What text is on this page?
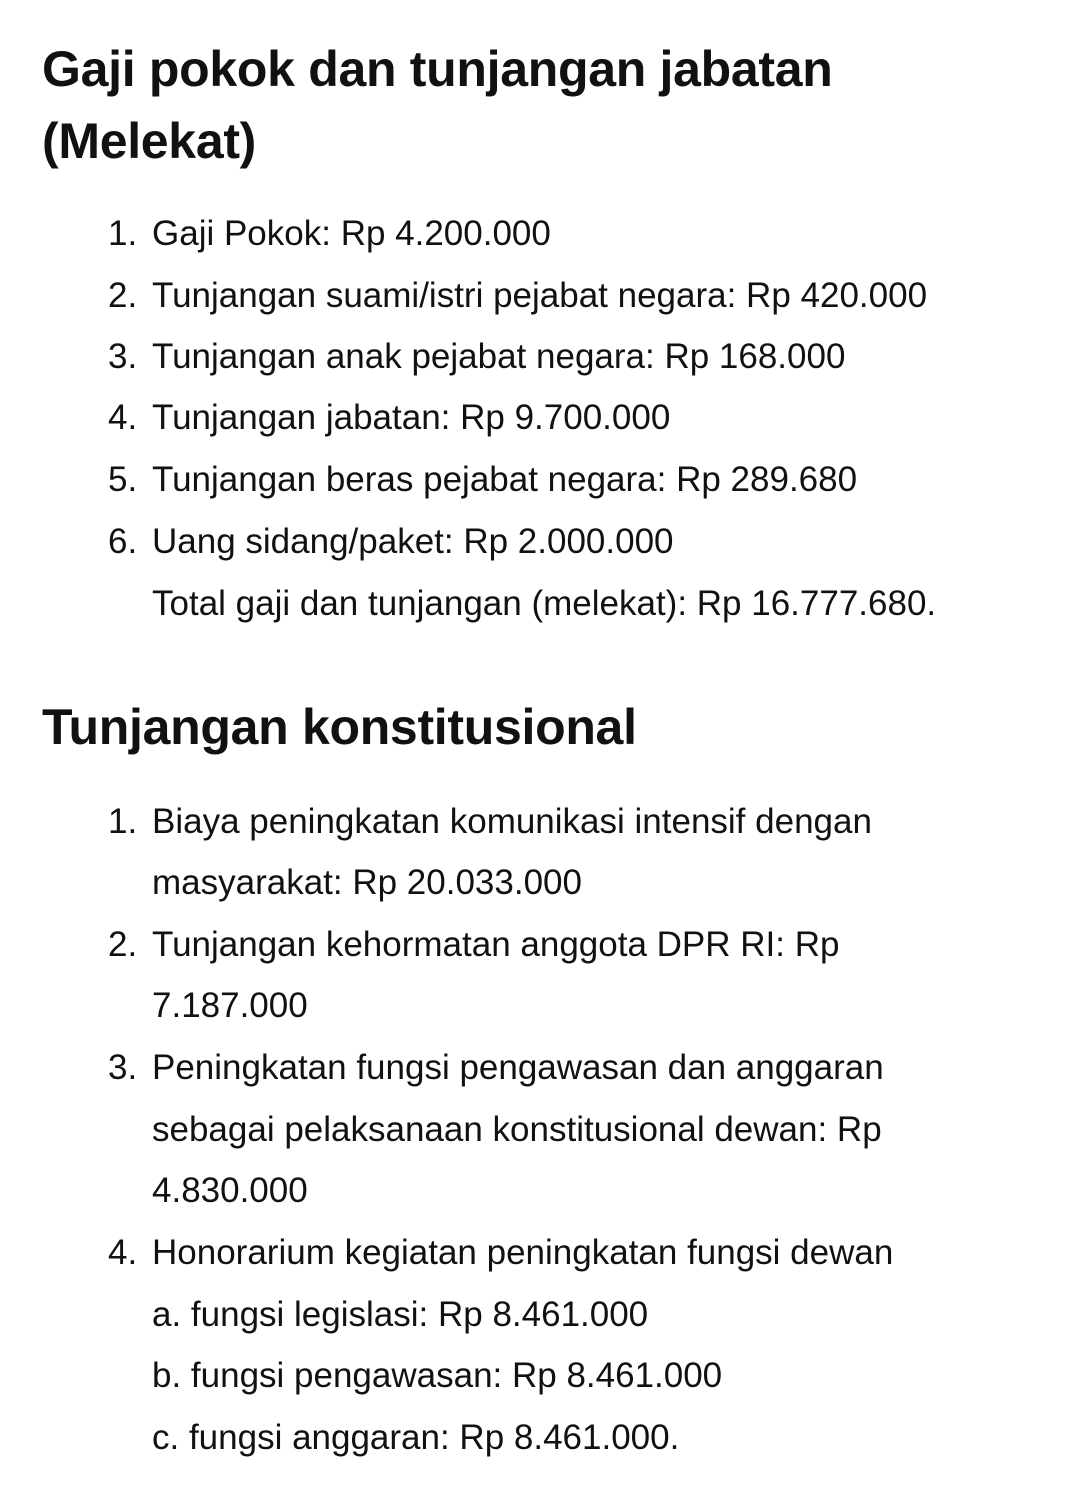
Gaji pokok dan tunjangan jabatan
(Melekat)
1. Gaji Pokok: Rp 4.200.000
2. Tunjangan suami/istri pejabat negara: Rp 420.000
3. Tunjangan anak pejabat negara: Rp 168.000
4. Tunjangan jabatan: Rp 9.700.000
5. Tunjangan beras pejabat negara: Rp 289.680
6. Uang sidang/paket: Rp 2.000.000
Total gaji dan tunjangan (melekat): Rp 16.777.680.
Tunjangan konstitusional
1. Biaya peningkatan komunikasi intensif dengan
masyarakat: Rp 20.033.000
2. Tunjangan kehormatan anggota DPR RI: Rp
7.187.000
3. Peningkatan fungsi pengawasan dan anggaran
sebagai pelaksanaan konstitusional dewan: Rp
4.830.000
4. Honorarium kegiatan peningkatan fungsi dewan
a. fungsi legislasi: Rp 8.461.000
b. fungsi pengawasan: Rp 8.461.000
c. fungsi anggaran: Rp 8.461.000.
